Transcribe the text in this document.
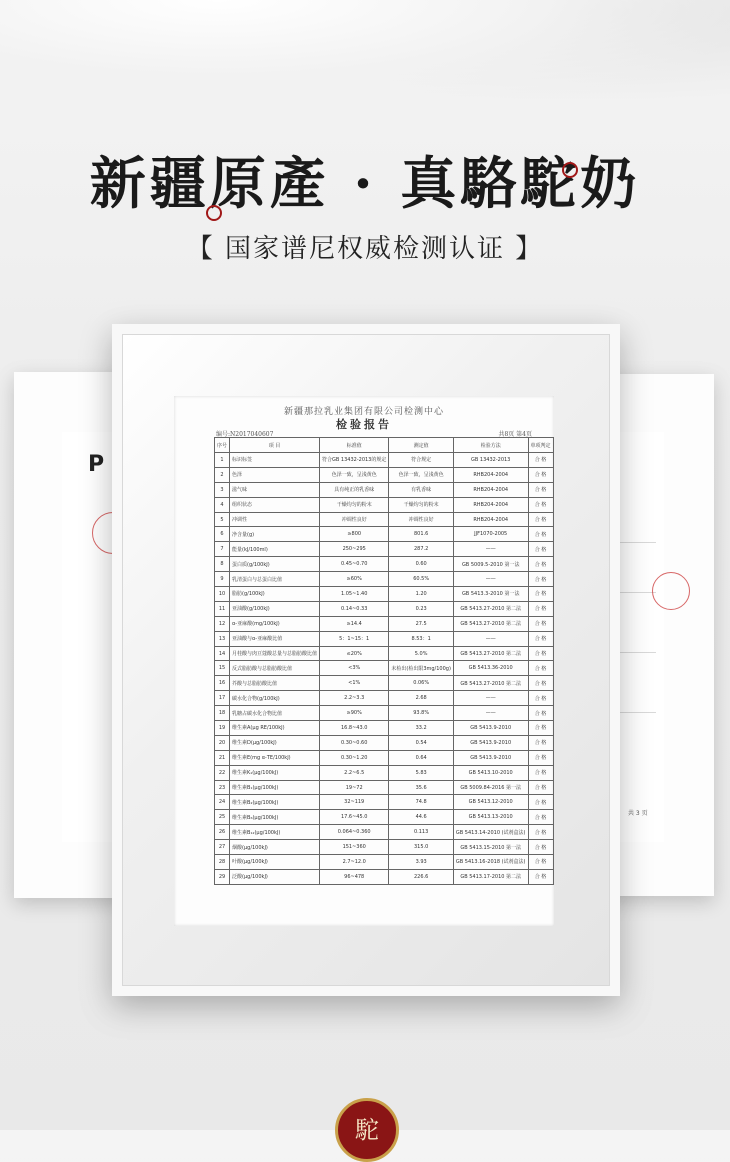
新疆原產 · 真駱駝奶
【 国家谱尼权威检测认证 】
P
共 3 页
新疆那拉乳业集团有限公司检测中心
检验报告
编号:N2017040607	共8页 第4页
序号	项 目	标准值	测定值	检验方法	单项判定
1	标识标签	符合GB 13432-2013的规定	符合规定	GB 13432-2013	合 格
2	色泽	色泽一致，呈浅黄色	色泽一致，呈浅黄色	RHB204-2004	合 格
3	滋气味	具有纯正的乳香味	有乳香味	RHB204-2004	合 格
4	组织状态	干燥均匀的粉末	干燥均匀的粉末	RHB204-2004	合 格
5	冲调性	冲调性良好	冲调性良好	RHB204-2004	合 格
6	净含量(g)	≥800	801.6	JJF1070-2005	合 格
7	能量(kJ/100ml)	250~295	287.2	——	合 格
8	蛋白质(g/100kJ)	0.45~0.70	0.60	GB 5009.5-2010 第一法	合 格
9	乳清蛋白与总蛋白比值	≥60%	60.5%	——	合 格
10	脂肪(g/100kJ)	1.05~1.40	1.20	GB 5413.3-2010 第一法	合 格
11	亚油酸(g/100kJ)	0.14~0.33	0.23	GB 5413.27-2010 第二法	合 格
12	α-亚麻酸(mg/100kJ)	≥14.4	27.5	GB 5413.27-2010 第二法	合 格
13	亚油酸与α-亚麻酸比值	5：1~15：1	8.53：1	——	合 格
14	月桂酸与肉豆蔻酸总量与总脂肪酸比值	≤20%	5.0%	GB 5413.27-2010 第二法	合 格
15	反式脂肪酸与总脂肪酸比值	<3%	未检出(检出限3mg/100g)	GB 5413.36-2010	合 格
16	芥酸与总脂肪酸比值	<1%	0.06%	GB 5413.27-2010 第二法	合 格
17	碳水化合物(g/100kJ)	2.2~3.3	2.68	——	合 格
18	乳糖占碳水化合物比值	≥90%	93.8%	——	合 格
19	维生素A(μg RE/100kJ)	16.8~43.0	33.2	GB 5413.9-2010	合 格
20	维生素D(μg/100kJ)	0.30~0.60	0.54	GB 5413.9-2010	合 格
21	维生素E(mg α-TE/100kJ)	0.30~1.20	0.64	GB 5413.9-2010	合 格
22	维生素K₁(μg/100kJ)	2.2~6.5	5.83	GB 5413.10-2010	合 格
23	维生素B₁(μg/100kJ)	19~72	35.6	GB 5009.84-2016 第一法	合 格
24	维生素B₂(μg/100kJ)	32~119	74.8	GB 5413.12-2010	合 格
25	维生素B₆(μg/100kJ)	17.6~45.0	44.6	GB 5413.13-2010	合 格
26	维生素B₁₂(μg/100kJ)	0.064~0.360	0.113	GB 5413.14-2010 (试剂盒法)	合 格
27	烟酸(μg/100kJ)	151~360	315.0	GB 5413.15-2010 第一法	合 格
28	叶酸(μg/100kJ)	2.7~12.0	3.93	GB 5413.16-2018 (试剂盒法)	合 格
29	泛酸(μg/100kJ)	96~478	226.6	GB 5413.17-2010 第二法	合 格
駝
